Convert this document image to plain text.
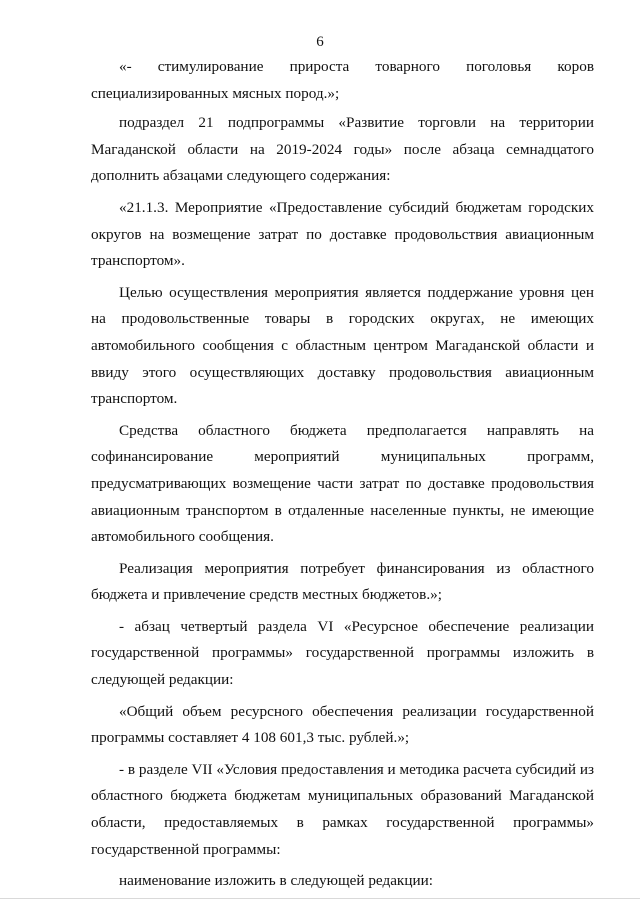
6

«- стимулирование прироста товарного поголовья коров специализированных мясных пород.»;

подраздел 21 подпрограммы «Развитие торговли на территории Магаданской области на 2019-2024 годы» после абзаца семнадцатого дополнить абзацами следующего содержания:

«21.1.3. Мероприятие «Предоставление субсидий бюджетам городских округов на возмещение затрат по доставке продовольствия авиационным транспортом».

Целью осуществления мероприятия является поддержание уровня цен на продовольственные товары в городских округах, не имеющих автомобильного сообщения с областным центром Магаданской области и ввиду этого осуществляющих доставку продовольствия авиационным транспортом.

Средства областного бюджета предполагается направлять на софинансирование мероприятий муниципальных программ, предусматривающих возмещение части затрат по доставке продовольствия авиационным транспортом в отдаленные населенные пункты, не имеющие автомобильного сообщения.

Реализация мероприятия потребует финансирования из областного бюджета и привлечение средств местных бюджетов.»;

- абзац четвертый раздела VI «Ресурсное обеспечение реализации государственной программы» государственной программы изложить в следующей редакции:

«Общий объем ресурсного обеспечения реализации государственной программы составляет 4 108 601,3 тыс. рублей.»;

- в разделе VII «Условия предоставления и методика расчета субсидий из областного бюджета бюджетам муниципальных образований Магаданской области, предоставляемых в рамках государственной программы» государственной программы:

наименование изложить в следующей редакции:
